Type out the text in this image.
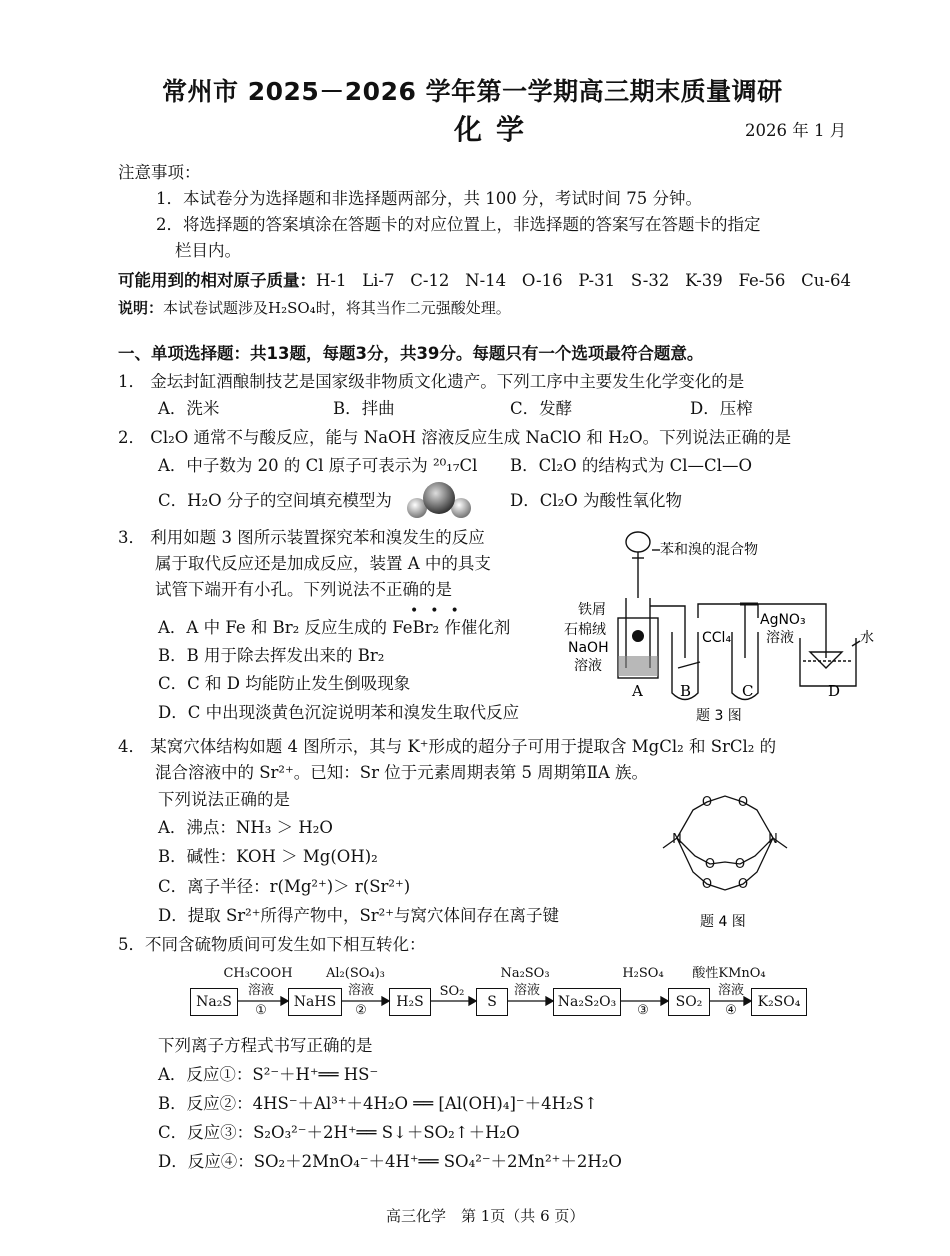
常州市 2025－2026 学年第一学期高三期末质量调研
化学	2026 年 1 月
注意事项：
1．本试卷分为选择题和非选择题两部分，共 100 分，考试时间 75 分钟。
2．将选择题的答案填涂在答题卡的对应位置上，非选择题的答案写在答题卡的指定
栏目内。
可能用到的相对原子质量：H-1   Li-7   C-12   N-14   O-16   P-31   S-32   K-39   Fe-56   Cu-64
说明：本试卷试题涉及H₂SO₄时，将其当作二元强酸处理。
一、单项选择题：共13题，每题3分，共39分。每题只有一个选项最符合题意。
1． 金坛封缸酒酿制技艺是国家级非物质文化遗产。下列工序中主要发生化学变化的是
A．洗米	B．拌曲	C．发酵	D．压榨
2． Cl₂O 通常不与酸反应，能与 NaOH 溶液反应生成 NaClO 和 H₂O。下列说法正确的是
A．中子数为 20 的 Cl 原子可表示为 ²⁰₁₇Cl B．Cl₂O 的结构式为 Cl—Cl—O
C．H₂O 分子的空间填充模型为	D．Cl₂O 为酸性氧化物
3． 利用如题 3 图所示装置探究苯和溴发生的反应
属于取代反应还是加成反应，装置 A 中的具支
试管下端开有小孔。下列说法不正确的是
•••
A．A 中 Fe 和 Br₂ 反应生成的 FeBr₂ 作催化剂
B．B 用于除去挥发出来的 Br₂
C．C 和 D 均能防止发生倒吸现象
D．C 中出现淡黄色沉淀说明苯和溴发生取代反应
苯和溴的混合物
铁屑
石棉绒
NaOH
溶液
CCl₄
AgNO₃
溶液	水
A B	C	D
题 3 图
4． 某窝穴体结构如题 4 图所示，其与 K⁺形成的超分子可用于提取含 MgCl₂ 和 SrCl₂ 的
混合溶液中的 Sr²⁺。已知：Sr 位于元素周期表第 5 周期第ⅡA 族。
下列说法正确的是
A．沸点：NH₃ ＞ H₂O
B．碱性：KOH ＞ Mg(OH)₂
C．离子半径：r(Mg²⁺)＞ r(Sr²⁺)
D．提取 Sr²⁺所得产物中，Sr²⁺与窝穴体间存在离子键
O O
O O
O O
N	N
题 4 图
5．不同含硫物质间可发生如下相互转化：
Na₂S	NaHS	H₂S	S	Na₂S₂O₃	SO₂	K₂SO₄
CH₃COOH
溶液
①
Al₂(SO₄)₃
溶液
②
SO₂
Na₂SO₃
溶液
H₂SO₄
③
酸性KMnO₄
溶液
④
下列离子方程式书写正确的是
A．反应①：S²⁻＋H⁺══ HS⁻
B．反应②：4HS⁻＋Al³⁺＋4H₂O ══ [Al(OH)₄]⁻＋4H₂S↑
C．反应③：S₂O₃²⁻＋2H⁺══ S↓＋SO₂↑＋H₂O
D．反应④：SO₂＋2MnO₄⁻＋4H⁺══ SO₄²⁻＋2Mn²⁺＋2H₂O
高三化学　第 1页（共 6 页）
